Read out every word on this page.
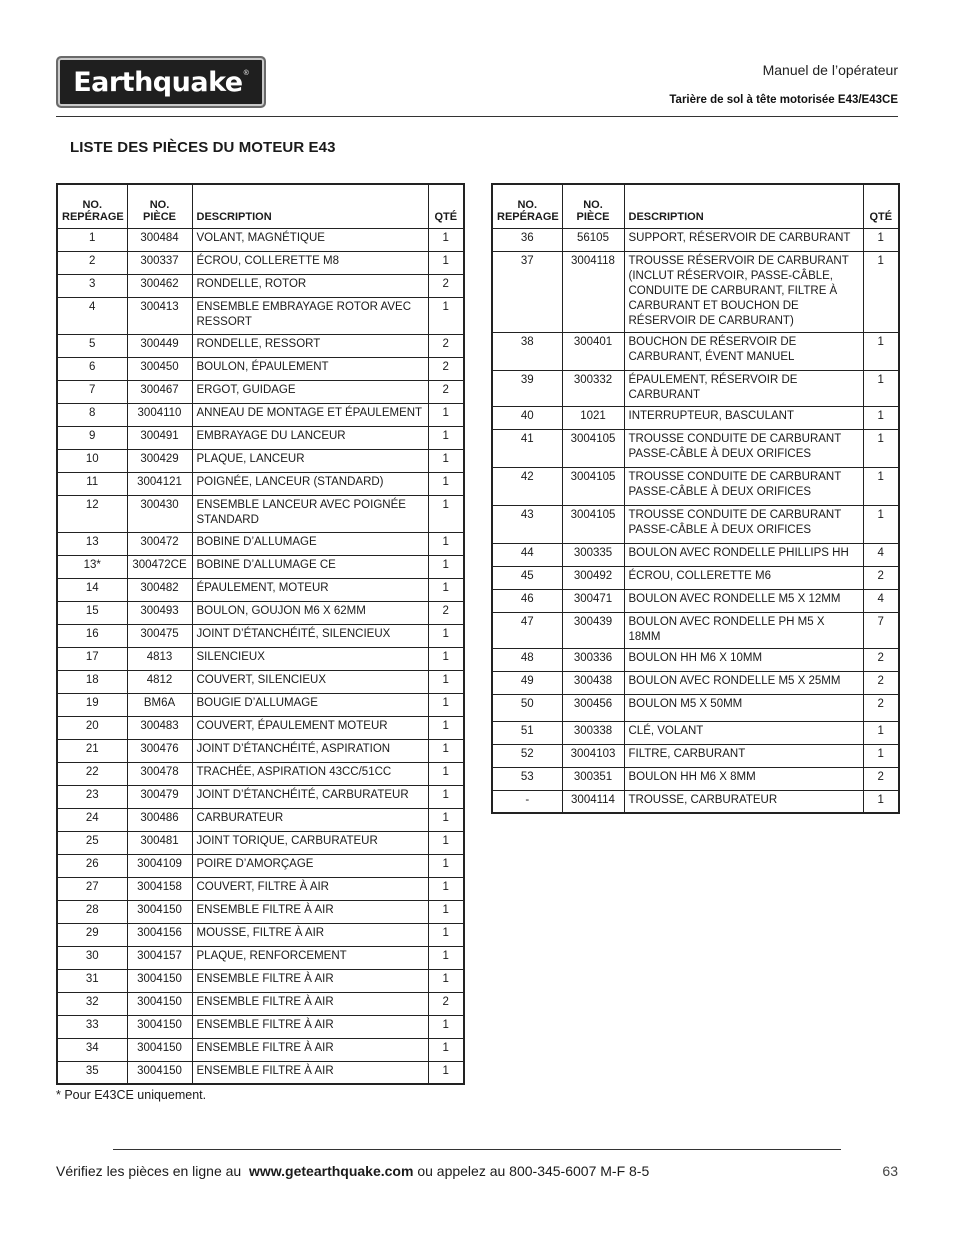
Earthquake ®	Manuel de l’opérateur
Tarière de sol à tête motorisée E43/E43CE
LISTE DES PIÈCES DU MOTEUR E43
NO.
REPÉRAGE	NO.
PIÈCE	DESCRIPTION	QTÉ
1	300484	VOLANT, MAGNÉTIQUE	1
2	300337	ÉCROU, COLLERETTE M8	1
3	300462	RONDELLE, ROTOR	2
4	300413	ENSEMBLE EMBRAYAGE ROTOR AVEC RESSORT	1
5	300449	RONDELLE, RESSORT	2
6	300450	BOULON, ÉPAULEMENT	2
7	300467	ERGOT, GUIDAGE	2
8	3004110	ANNEAU DE MONTAGE ET ÉPAULEMENT	1
9	300491	EMBRAYAGE DU LANCEUR	1
10	300429	PLAQUE, LANCEUR	1
11	3004121	POIGNÉE, LANCEUR (STANDARD)	1
12	300430	ENSEMBLE LANCEUR AVEC POIGNÉE STANDARD	1
13	300472	BOBINE D’ALLUMAGE	1
13*	300472CE	BOBINE D’ALLUMAGE CE	1
14	300482	ÉPAULEMENT, MOTEUR	1
15	300493	BOULON, GOUJON M6 X 62MM	2
16	300475	JOINT D’ÉTANCHÉITÉ, SILENCIEUX	1
17	4813	SILENCIEUX	1
18	4812	COUVERT, SILENCIEUX	1
19	BM6A	BOUGIE D’ALLUMAGE	1
20	300483	COUVERT, ÉPAULEMENT MOTEUR	1
21	300476	JOINT D’ÉTANCHÉITÉ, ASPIRATION	1
22	300478	TRACHÉE, ASPIRATION 43CC/51CC	1
23	300479	JOINT D’ÉTANCHÉITÉ, CARBURATEUR	1
24	300486	CARBURATEUR	1
25	300481	JOINT TORIQUE, CARBURATEUR	1
26	3004109	POIRE D’AMORÇAGE	1
27	3004158	COUVERT, FILTRE À AIR	1
28	3004150	ENSEMBLE FILTRE À AIR	1
29	3004156	MOUSSE, FILTRE À AIR	1
30	3004157	PLAQUE, RENFORCEMENT	1
31	3004150	ENSEMBLE FILTRE À AIR	1
32	3004150	ENSEMBLE FILTRE À AIR	2
33	3004150	ENSEMBLE FILTRE À AIR	1
34	3004150	ENSEMBLE FILTRE À AIR	1
35	3004150	ENSEMBLE FILTRE À AIR	1
NO.
REPÉRAGE	NO.
PIÈCE	DESCRIPTION	QTÉ
36	56105	SUPPORT, RÉSERVOIR DE CARBURANT	1
37	3004118	TROUSSE RÉSERVOIR DE CARBURANT (INCLUT RÉSERVOIR, PASSE-CÂBLE, CONDUITE DE CARBURANT, FILTRE À CARBURANT ET BOUCHON DE RÉSERVOIR DE CARBURANT)	1
38	300401	BOUCHON DE RÉSERVOIR DE CARBURANT, ÉVENT MANUEL	1
39	300332	ÉPAULEMENT, RÉSERVOIR DE CARBURANT	1
40	1021	INTERRUPTEUR, BASCULANT	1
41	3004105	TROUSSE CONDUITE DE CARBURANT PASSE-CÂBLE À DEUX ORIFICES	1
42	3004105	TROUSSE CONDUITE DE CARBURANT PASSE-CÂBLE À DEUX ORIFICES	1
43	3004105	TROUSSE CONDUITE DE CARBURANT PASSE-CÂBLE À DEUX ORIFICES	1
44	300335	BOULON AVEC RONDELLE PHILLIPS HH	4
45	300492	ÉCROU, COLLERETTE M6	2
46	300471	BOULON AVEC RONDELLE M5 X 12MM	4
47	300439	BOULON AVEC RONDELLE PH M5 X 18MM	7
48	300336	BOULON HH M6 X 10MM	2
49	300438	BOULON AVEC RONDELLE M5 X 25MM	2
50	300456	BOULON M5 X 50MM	2
51	300338	CLÉ, VOLANT	1
52	3004103	FILTRE, CARBURANT	1
53	300351	BOULON HH M6 X 8MM	2
-	3004114	TROUSSE, CARBURATEUR	1
* Pour E43CE uniquement.
Vérifiez les pièces en ligne au www.getearthquake.com ou appelez au 800-345-6007 M-F 8-5	63
